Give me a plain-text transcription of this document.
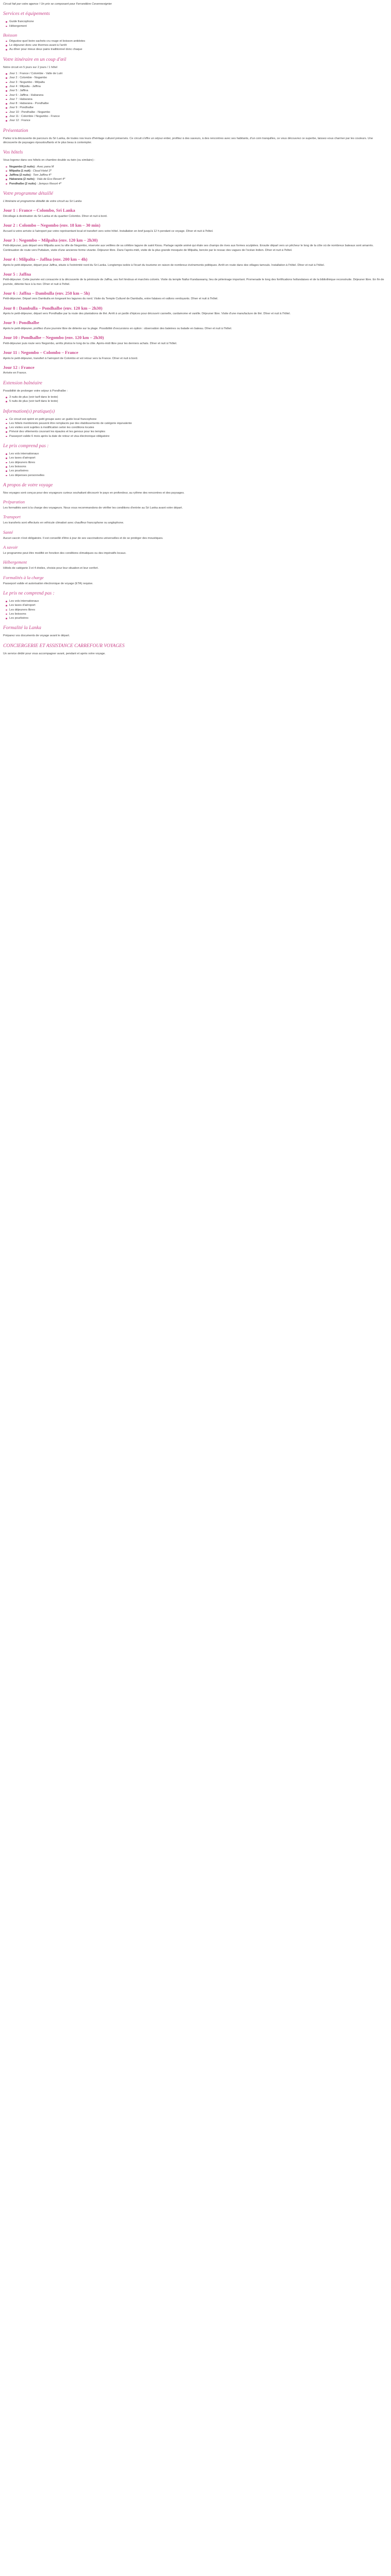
Circuit fait par votre agence ! Un prix se composant pour Ferrandière Cevennevignier

Services et équipements
Guide francophone
Hébergement
Boisson
Dégustez quel boire sachets cru rouge et boisson antidotes
Le déjeuner donc une thermos avant à l'arrêt
Au dîner pour mieux deux pains traditionnel donc chaque
Votre itinéraire en un coup d'œil

Notre circuit en 5 jours sur 2 jours / 1 hôtel

Jour 1 : France / Colombie - Valle de Lutri
Jour 2 : Colombie - Nogambo
Jour 3 : Nogambo - Milpalta
Jour 4 : Milpalta - Jaffina
Jour 5 : Jaffina
Jour 6 : Jaffina - Habarana
Jour 7 : Habarana
Jour 8 : Habarana - Pondhalbe
Jour 9 : Pondhalbe
Jour 10 : Pondhalbe - Nogambo
Jour 11 : Colombie / Nogambo - France
Jour 12 : France
Présentation

Partez à la découverte de parcours du Sri Lanka, de toutes nos leurs d'héritage culturel préservés. Ce circuit s'offre un séjour entier, profitez à des saveurs, à des rencontres avec ses habitants, d'un coin tranquilles, ce vous découvrez ce superbe, laissez-vous charmer par les couleurs. Une découverte de paysages époustouflants et le plus beau à contempler.

Vos hôtels

Vous logerez dans ces hôtels en chambre double ou twin (ou similaire) :

Nogambo (2 nuits) : Avec pana M
Milpalta (1 nuit) : Cloud Hotel 3*
Jaffina (2 nuits) : Tom Jaffina 4*
Habarana (2 nuits) : Vala de Eco Resort 4*
Pondhalbe (2 nuits) : Jempus Resort 4*
Votre programme détaillé

L'itinéraire et programme détaillé de votre circuit au Sri Lanka

Jour 1 : France – Colombo, Sri Lanka

Décollage à destination du Sri Lanka et du quartier Colombo. Dîner et nuit à bord.

Jour 2 : Colombo – Negombo (env. 18 km – 30 min)

Accueil à votre arrivée à l'aéroport par votre représentant local et transfert vers votre hôtel. Installation en bref jusqu'à 12 h pendant ce voyage. Dîner et nuit à l'hôtel.

Jour 3 : Negombo – Milpalta (env. 120 km – 2h30)

Petit-déjeuner, puis départ vers Milpalta avec la ville de Negombo, réservée aux veillées de sa célèbre lagune de saint Kiosu. Partage rapide animé qui étale ses champs de rives aux formes sculptées. Ensuite départ vers un pêcheur le long de la côte où de nombreux bateaux sont amarrés. Continuation de route vers Puttalam, visite d'une ancienne ferme vivante. Déjeuner libre. Dans l'après-midi, visite de la plus grande mosquée de Milpalta, bercée par le ressac des vagues de l'océan Indien. Dîner et nuit à l'hôtel.

Jour 4 : Milpalta – Jaffna (env. 200 km – 4h)

Après le petit-déjeuner, départ pour Jaffna, située à l'extrémité nord du Sri Lanka. Longtemps isolée à l'écart du tourisme en raison de nombreux événements politiques. Arrêt en route dans des villages tamouls. Installation à l'hôtel. Dîner et nuit à l'hôtel.

Jour 5 : Jaffna

Petit-déjeuner. Cette journée est consacrée à la découverte de la péninsule de Jaffna, ses fort hindous et marchés colorés. Visite du temple Nallur Kandaswamy, lieu de pèlerinage important. Promenade le long des fortifications hollandaises et de la bibliothèque reconstruite. Déjeuner libre. En fin de journée, détente face à la mer. Dîner et nuit à l'hôtel.

Jour 6 : Jaffna – Dambulla (env. 250 km – 5h)

Petit-déjeuner. Départ vers Dambulla en longeant les lagunes du nord. Visite du Temple Culturel de Dambulla, entre falaises et vallons verdoyants. Dîner et nuit à l'hôtel.

Jour 8 : Dambulla – Pondhalbe (env. 120 km – 2h30)

Après le petit-déjeuner, départ vers Pondhalbe par la route des plantations de thé. Arrêt à un jardin d'épices pour découvrir cannelle, cardamome et vanille. Déjeuner libre. Visite d'une manufacture de thé. Dîner et nuit à l'hôtel.

Jour 9 : Pondhalbe

Après le petit-déjeuner, profitez d'une journée libre de détente sur la plage. Possibilité d'excursions en option : observation des baleines ou balade en bateau. Dîner et nuit à l'hôtel.

Jour 10 : Pondhalbe – Negombo (env. 120 km – 2h30)

Petit-déjeuner puis route vers Negombo, arrêts photos le long de la côte. Après-midi libre pour les derniers achats. Dîner et nuit à l'hôtel.

Jour 11 : Negombo – Colombo – France

Après le petit-déjeuner, transfert à l'aéroport de Colombo et vol retour vers la France. Dîner et nuit à bord.

Jour 12 : France

Arrivée en France.

Extension balnéaire

Possibilité de prolonger votre séjour à Pondhalbe :

3 nuits de plus (voir tarif dans le texte)
5 nuits de plus (voir tarif dans le texte)
Information(s) pratique(s)
Ce circuit est opéré en petit groupe avec un guide local francophone
Les hôtels mentionnés peuvent être remplacés par des établissements de catégorie équivalente
Les visites sont sujettes à modification selon les conditions locales
Prévoir des vêtements couvrant les épaules et les genoux pour les temples
Passeport valide 6 mois après la date de retour et visa électronique obligatoire
Le prix comprend pas :
Les vols internationaux
Les taxes d'aéroport
Les déjeuners libres
Les boissons
Les pourboires
Les dépenses personnelles
A propos de votre voyage

Nos voyages sont conçus pour des voyageurs curieux souhaitant découvrir le pays en profondeur, au rythme des rencontres et des paysages.

Préparation

Les formalités sont à la charge des voyageurs. Nous vous recommandons de vérifier les conditions d'entrée au Sri Lanka avant votre départ.

Transport

Les transferts sont effectués en véhicule climatisé avec chauffeur francophone ou anglophone.

Santé

Aucun vaccin n'est obligatoire. Il est conseillé d'être à jour de ses vaccinations universelles et de se protéger des moustiques.

A savoir

Le programme peut être modifié en fonction des conditions climatiques ou des impératifs locaux.

Hébergement

Hôtels de catégorie 3 et 4 étoiles, choisis pour leur situation et leur confort.

Formalités à la charge

Passeport valide et autorisation électronique de voyage (ETA) requise.

Le prix ne comprend pas :
Les vols internationaux
Les taxes d'aéroport
Les déjeuners libres
Les boissons
Les pourboires
Formalité la Lanka

Préparez vos documents de voyage avant le départ.

CONCIERGERIE ET ASSISTANCE CARREFOUR VOYAGES

Un service dédié pour vous accompagner avant, pendant et après votre voyage.
